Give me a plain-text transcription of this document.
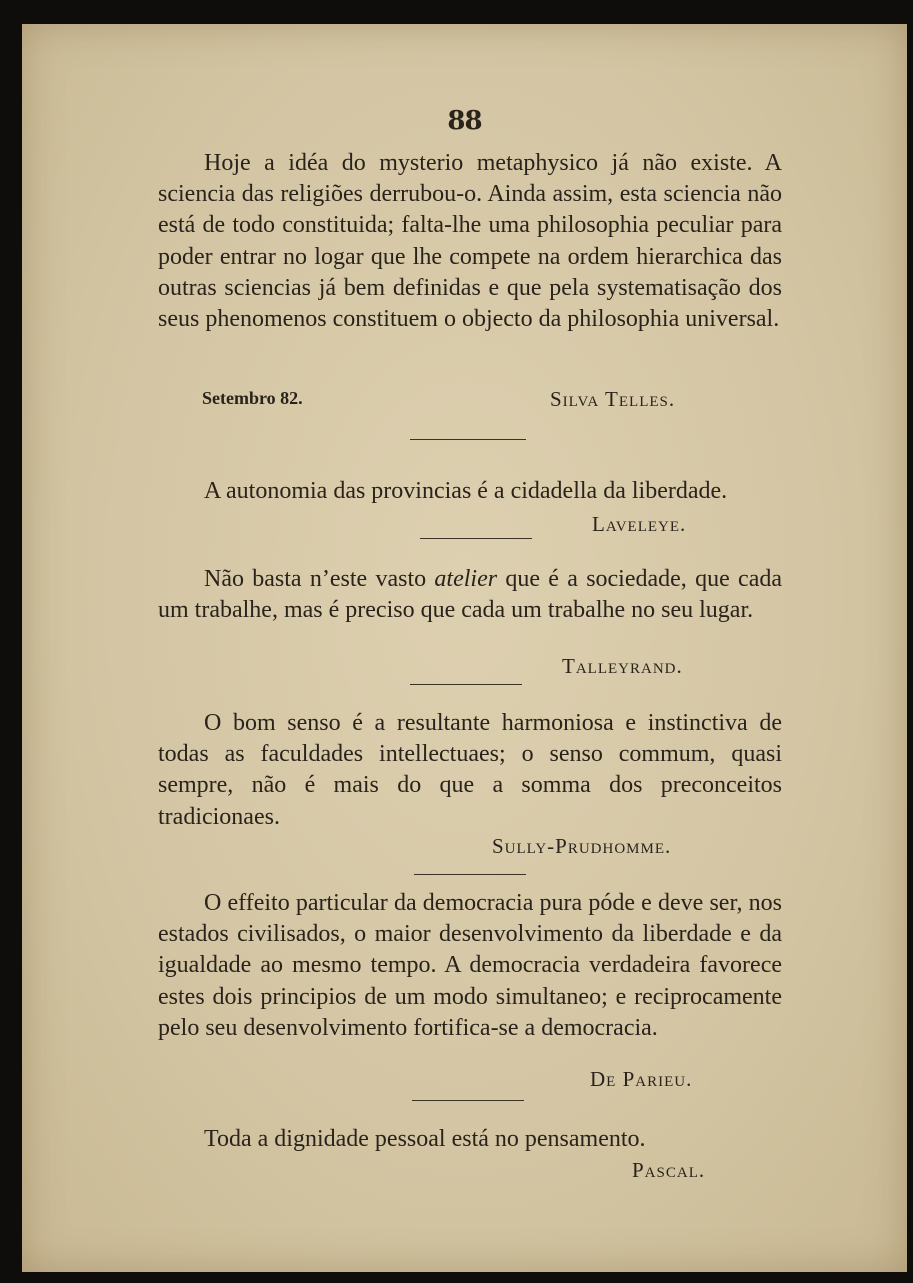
88

Hoje a idéa do mysterio metaphysico já não existe. A sciencia das religiões derrubou-o. Ainda assim, esta sciencia não está de todo constituida; falta-lhe uma philosophia peculiar para poder entrar no logar que lhe compete na ordem hierarchica das outras sciencias já bem definidas e que pela systematisação dos seus phenomenos constituem o objecto da philosophia universal.

Setembro 82.	Silva Telles.

A autonomia das provincias é a cidadella da liberdade.

Laveleye.

Não basta n’este vasto atelier que é a sociedade, que cada um trabalhe, mas é preciso que cada um trabalhe no seu lugar.

Talleyrand.

O bom senso é a resultante harmoniosa e instinctiva de todas as faculdades intellectuaes; o senso commum, quasi sempre, não é mais do que a somma dos preconceitos tradicionaes.

Sully-Prudhomme.

O effeito particular da democracia pura póde e deve ser, nos estados civilisados, o maior desenvolvimento da liberdade e da igualdade ao mesmo tempo. A democracia verdadeira favorece estes dois principios de um modo simultaneo; e reciprocamente pelo seu desenvolvimento fortifica-se a democracia.

De Parieu.

Toda a dignidade pessoal está no pensamento.

Pascal.
